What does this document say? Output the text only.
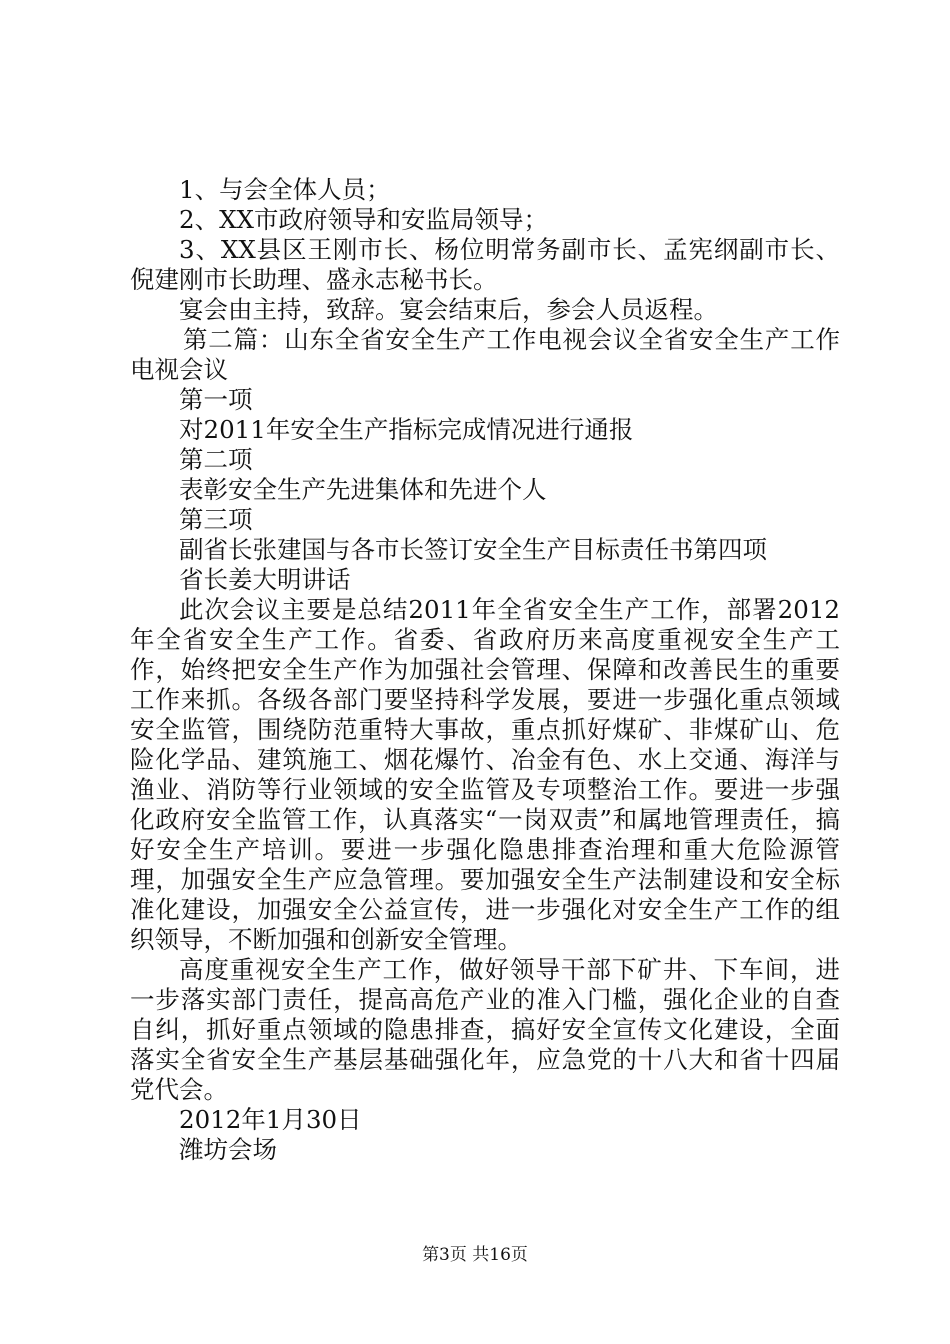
1、与会全体人员；

2、XX市政府领导和安监局领导；

3、XX县区王刚市长、杨位明常务副市长、孟宪纲副市长、倪建刚市长助理、盛永志秘书长。

宴会由主持，致辞。宴会结束后，参会人员返程。

第二篇：山东全省安全生产工作电视会议全省安全生产工作电视会议

第一项

对2011年安全生产指标完成情况进行通报

第二项

表彰安全生产先进集体和先进个人

第三项

副省长张建国与各市长签订安全生产目标责任书第四项

省长姜大明讲话

此次会议主要是总结2011年全省安全生产工作，部署2012年全省安全生产工作。省委、省政府历来高度重视安全生产工作，始终把安全生产作为加强社会管理、保障和改善民生的重要工作来抓。各级各部门要坚持科学发展，要进一步强化重点领域安全监管，围绕防范重特大事故，重点抓好煤矿、非煤矿山、危险化学品、建筑施工、烟花爆竹、冶金有色、水上交通、海洋与渔业、消防等行业领域的安全监管及专项整治工作。要进一步强化政府安全监管工作，认真落实“一岗双责”和属地管理责任，搞好安全生产培训。要进一步强化隐患排查治理和重大危险源管理，加强安全生产应急管理。要加强安全生产法制建设和安全标准化建设，加强安全公益宣传，进一步强化对安全生产工作的组织领导，不断加强和创新安全管理。

高度重视安全生产工作，做好领导干部下矿井、下车间，进一步落实部门责任，提高高危产业的准入门槛，强化企业的自查自纠，抓好重点领域的隐患排查，搞好安全宣传文化建设，全面落实全省安全生产基层基础强化年，应急党的十八大和省十四届党代会。

2012年1月30日

潍坊会场

第3页 共16页
